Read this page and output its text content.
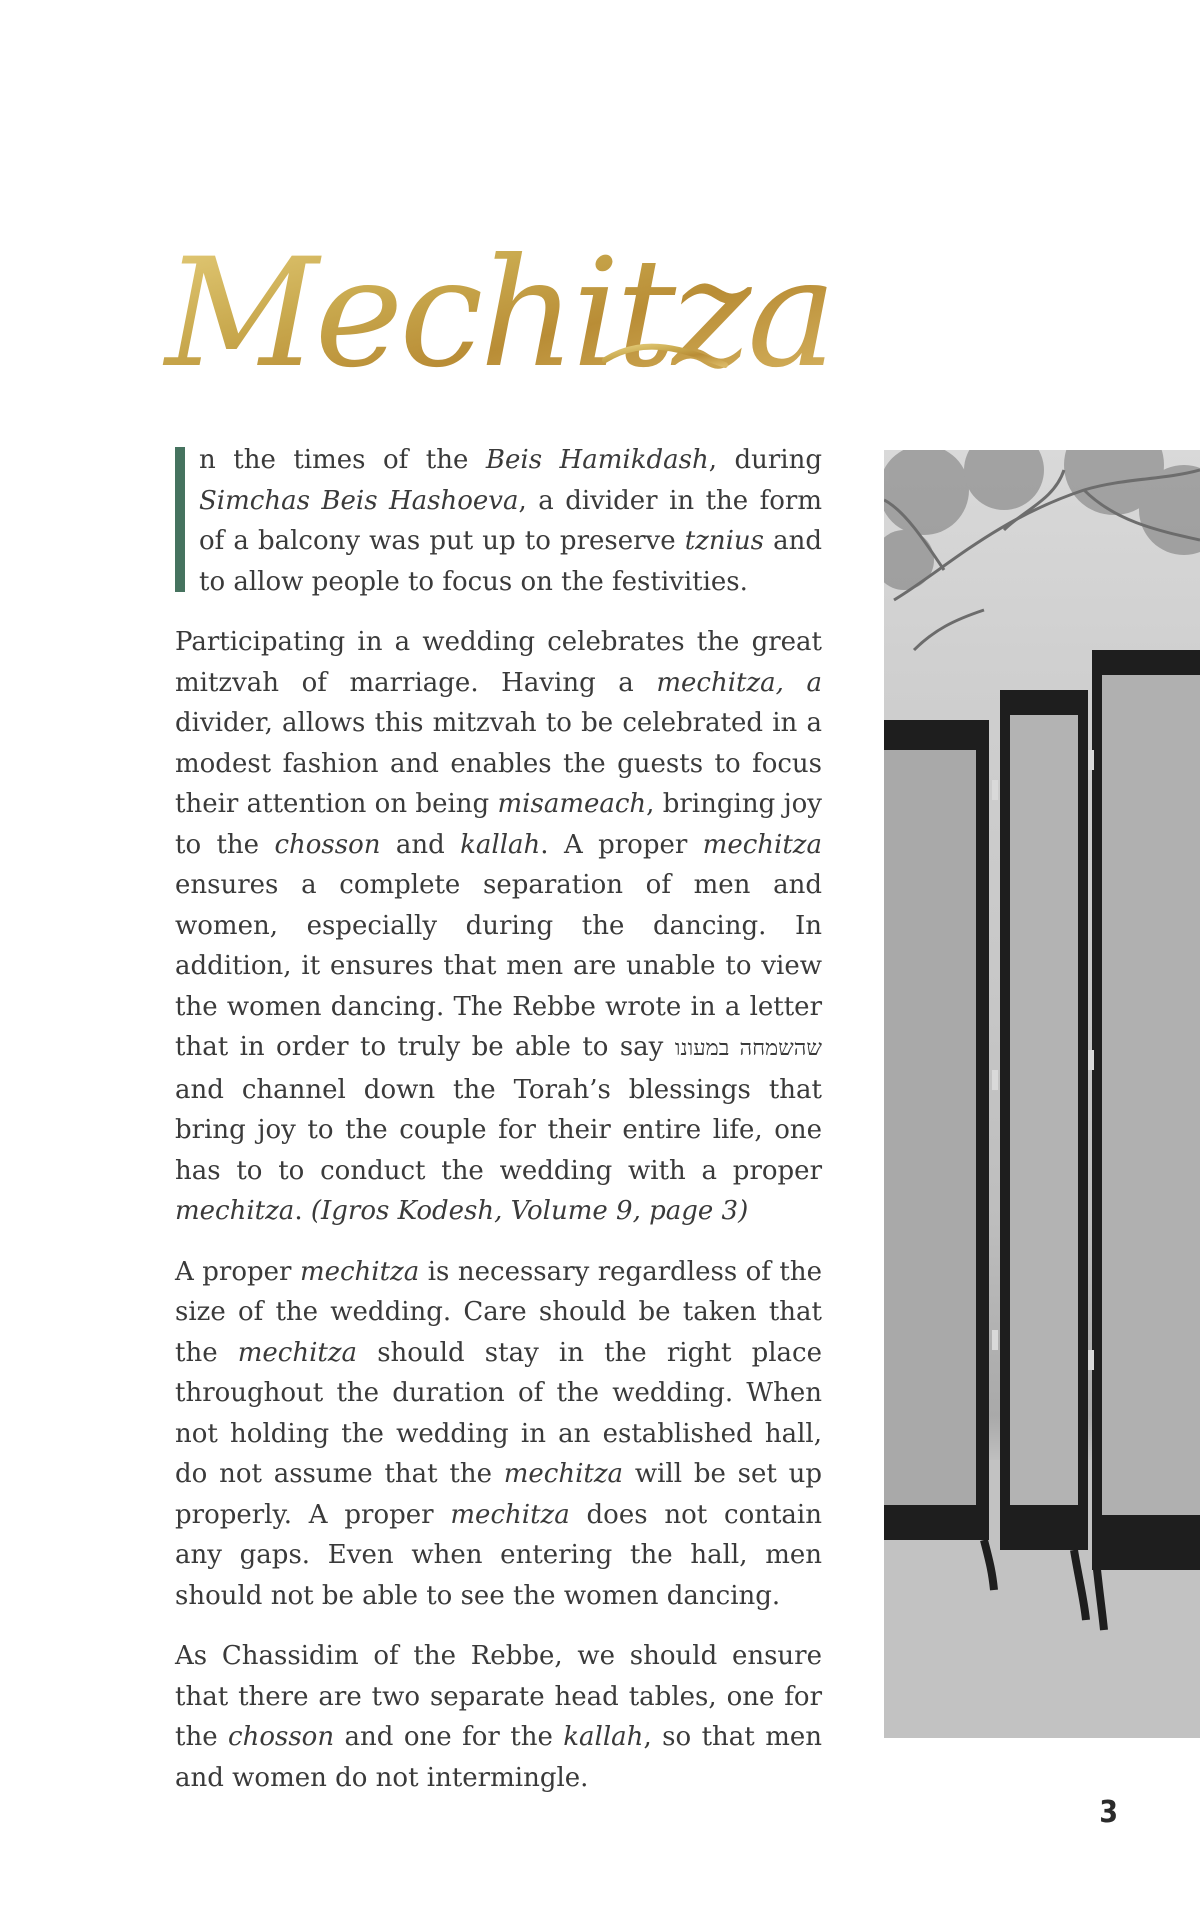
Mechitza

n the times of the Beis Hamikdash, during Simchas Beis Hashoeva, a divider in the form of a balcony was put up to preserve tznius and to allow people to focus on the festivities.

Participating in a wedding celebrates the great mitzvah of marriage. Having a mechitza, a divider, allows this mitzvah to be celebrated in a modest fashion and enables the guests to focus their attention on being misameach, bringing joy to the chosson and kallah. A proper mechitza ensures a complete separation of men and women, especially during the dancing. In addition, it ensures that men are unable to view the women dancing. The Rebbe wrote in a letter that in order to truly be able to say שהשמחה במעונו and channel down the Torah’s blessings that bring joy to the couple for their entire life, one has to to conduct the wedding with a proper mechitza. (Igros Kodesh, Volume 9, page 3)

A proper mechitza is necessary regardless of the size of the wedding. Care should be taken that the mechitza should stay in the right place throughout the duration of the wedding. When not holding the wedding in an established hall, do not assume that the mechitza will be set up properly. A proper mechitza does not contain any gaps. Even when entering the hall, men should not be able to see the women dancing.

As Chassidim of the Rebbe, we should ensure that there are two separate head tables, one for the chosson and one for the kallah, so that men and women do not intermingle.

3
